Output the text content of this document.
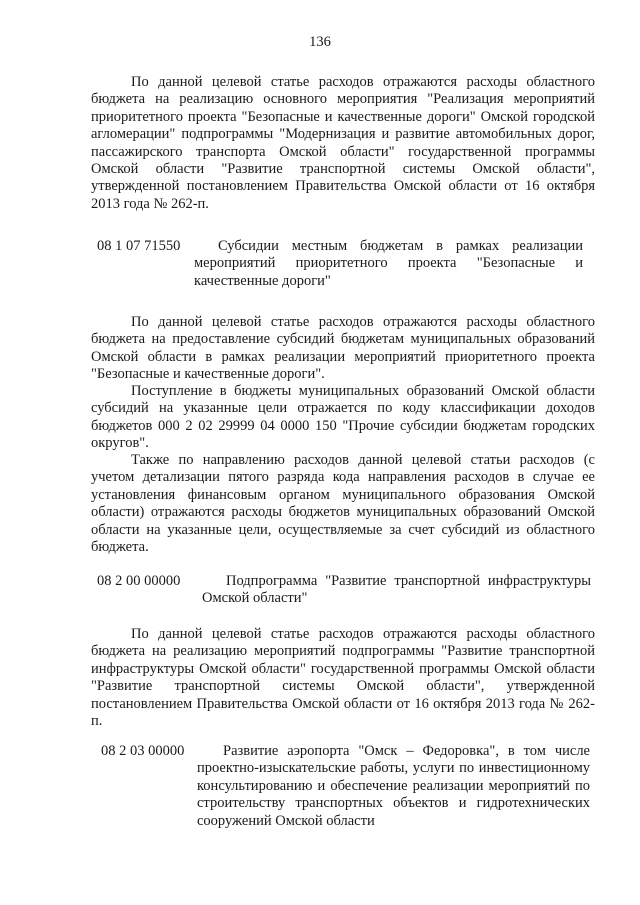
136

По данной целевой статье расходов отражаются расходы областного бюджета на реализацию основного мероприятия "Реализация мероприятий приоритетного проекта "Безопасные и качественные дороги" Омской городской агломерации" подпрограммы "Модернизация и развитие автомобильных дорог, пассажирского транспорта Омской области" государственной программы Омской области "Развитие транспортной системы Омской области", утвержденной постановлением Правительства Омской области от 16 октября 2013 года № 262-п.

08 1 07 71550	Субсидии местным бюджетам в рамках реализации мероприятий приоритетного проекта "Безопасные и качественные дороги"

По данной целевой статье расходов отражаются расходы областного бюджета на предоставление субсидий бюджетам муниципальных образований Омской области в рамках реализации мероприятий приоритетного проекта "Безопасные и качественные дороги".

Поступление в бюджеты муниципальных образований Омской области субсидий на указанные цели отражается по коду классификации доходов бюджетов 000 2 02 29999 04 0000 150 "Прочие субсидии бюджетам городских округов".

Также по направлению расходов данной целевой статьи расходов (с учетом детализации пятого разряда кода направления расходов в случае ее установления финансовым органом муниципального образования Омской области) отражаются расходы бюджетов муниципальных образований Омской области на указанные цели, осуществляемые за счет субсидий из областного бюджета.

08 2 00 00000	Подпрограмма "Развитие транспортной инфраструктуры Омской области"

По данной целевой статье расходов отражаются расходы областного бюджета на реализацию мероприятий подпрограммы "Развитие транспортной инфраструктуры Омской области" государственной программы Омской области "Развитие транспортной системы Омской области", утвержденной постановлением Правительства Омской области от 16 октября 2013 года № 262-п.

08 2 03 00000	Развитие аэропорта "Омск – Федоровка", в том числе проектно-изыскательские работы, услуги по инвестиционному консультированию и обеспечение реализации мероприятий по строительству транспортных объектов и гидротехнических сооружений Омской области
